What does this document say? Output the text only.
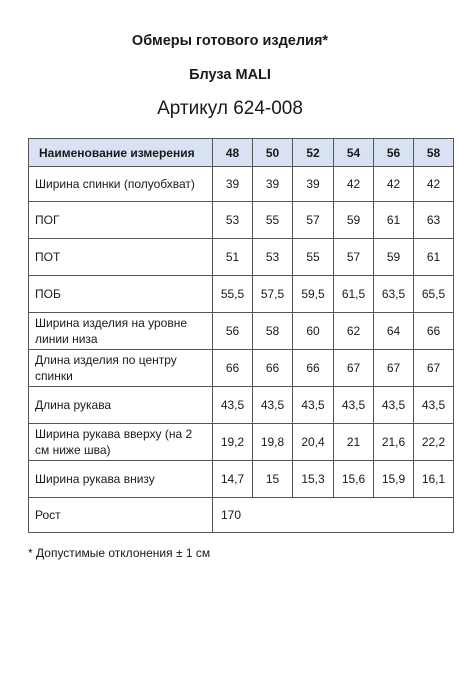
Обмеры готового изделия*
Блуза MALI
Артикул 624-008
Наименование измерения	48	50	52	54	56	58
Ширина спинки (полуобхват)	39	39	39	42	42	42
ПОГ	53	55	57	59	61	63
ПОТ	51	53	55	57	59	61
ПОБ	55,5	57,5	59,5	61,5	63,5	65,5
Ширина изделия на уровне линии низа	56	58	60	62	64	66
Длина изделия по центру спинки	66	66	66	67	67	67
Длина рукава	43,5	43,5	43,5	43,5	43,5	43,5
Ширина рукава вверху (на 2 см ниже шва)	19,2	19,8	20,4	21	21,6	22,2
Ширина рукава внизу	14,7	15	15,3	15,6	15,9	16,1
Рост	170					
* Допустимые отклонения ± 1 см
